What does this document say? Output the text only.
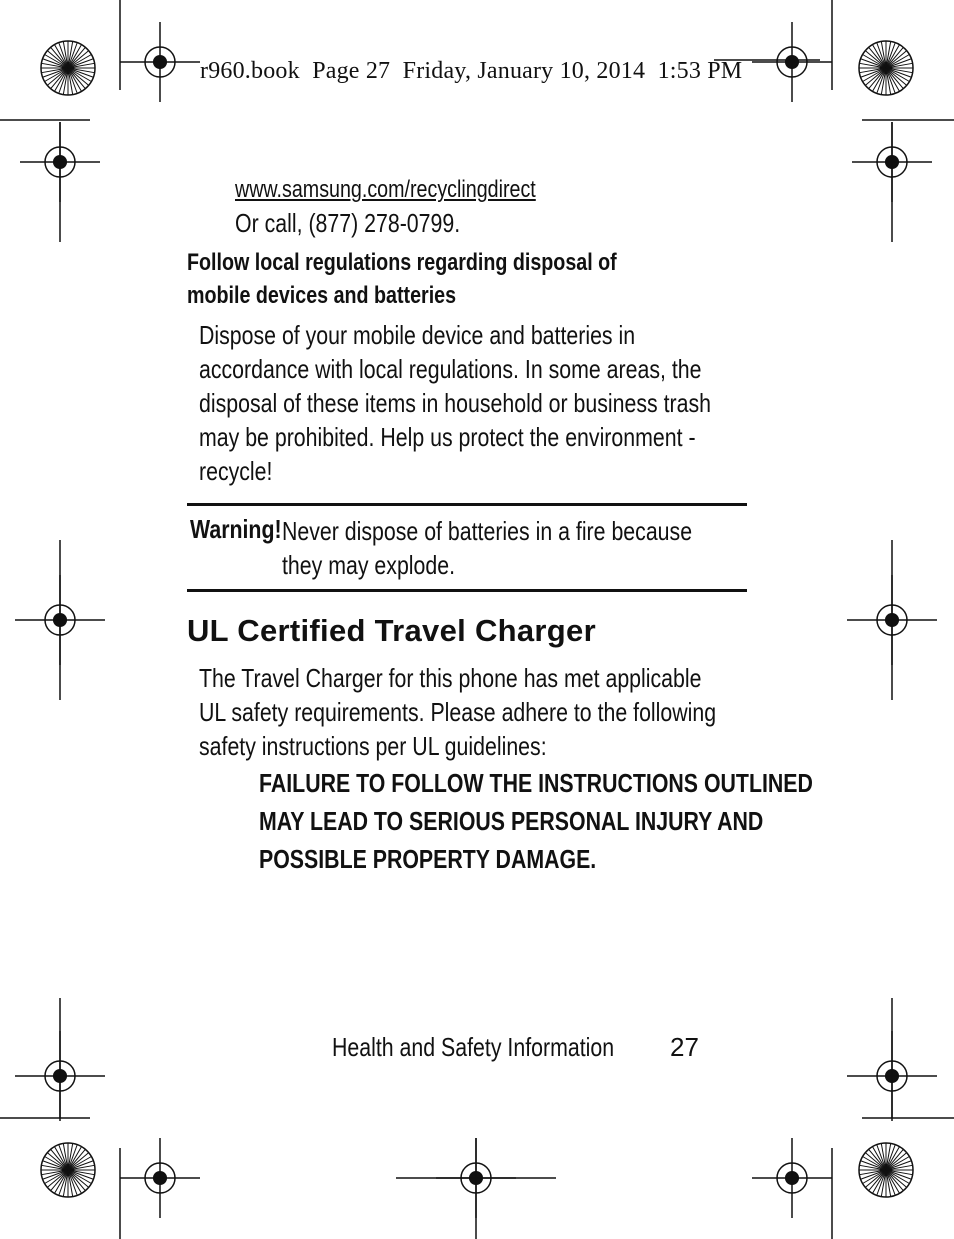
r960.book  Page 27  Friday, January 10, 2014  1:53 PM
www.samsung.com/recyclingdirect
Or call, (877) 278-0799.
Follow local regulations regarding disposal of
mobile devices and batteries
Dispose of your mobile device and batteries in
accordance with local regulations. In some areas, the
disposal of these items in household or business trash
may be prohibited. Help us protect the environment -
recycle!
Warning! Never dispose of batteries in a fire because
they may explode.
UL Certified Travel Charger
The Travel Charger for this phone has met applicable
UL safety requirements. Please adhere to the following
safety instructions per UL guidelines:
FAILURE TO FOLLOW THE INSTRUCTIONS OUTLINED
MAY LEAD TO SERIOUS PERSONAL INJURY AND
POSSIBLE PROPERTY DAMAGE.
Health and Safety Information 27
